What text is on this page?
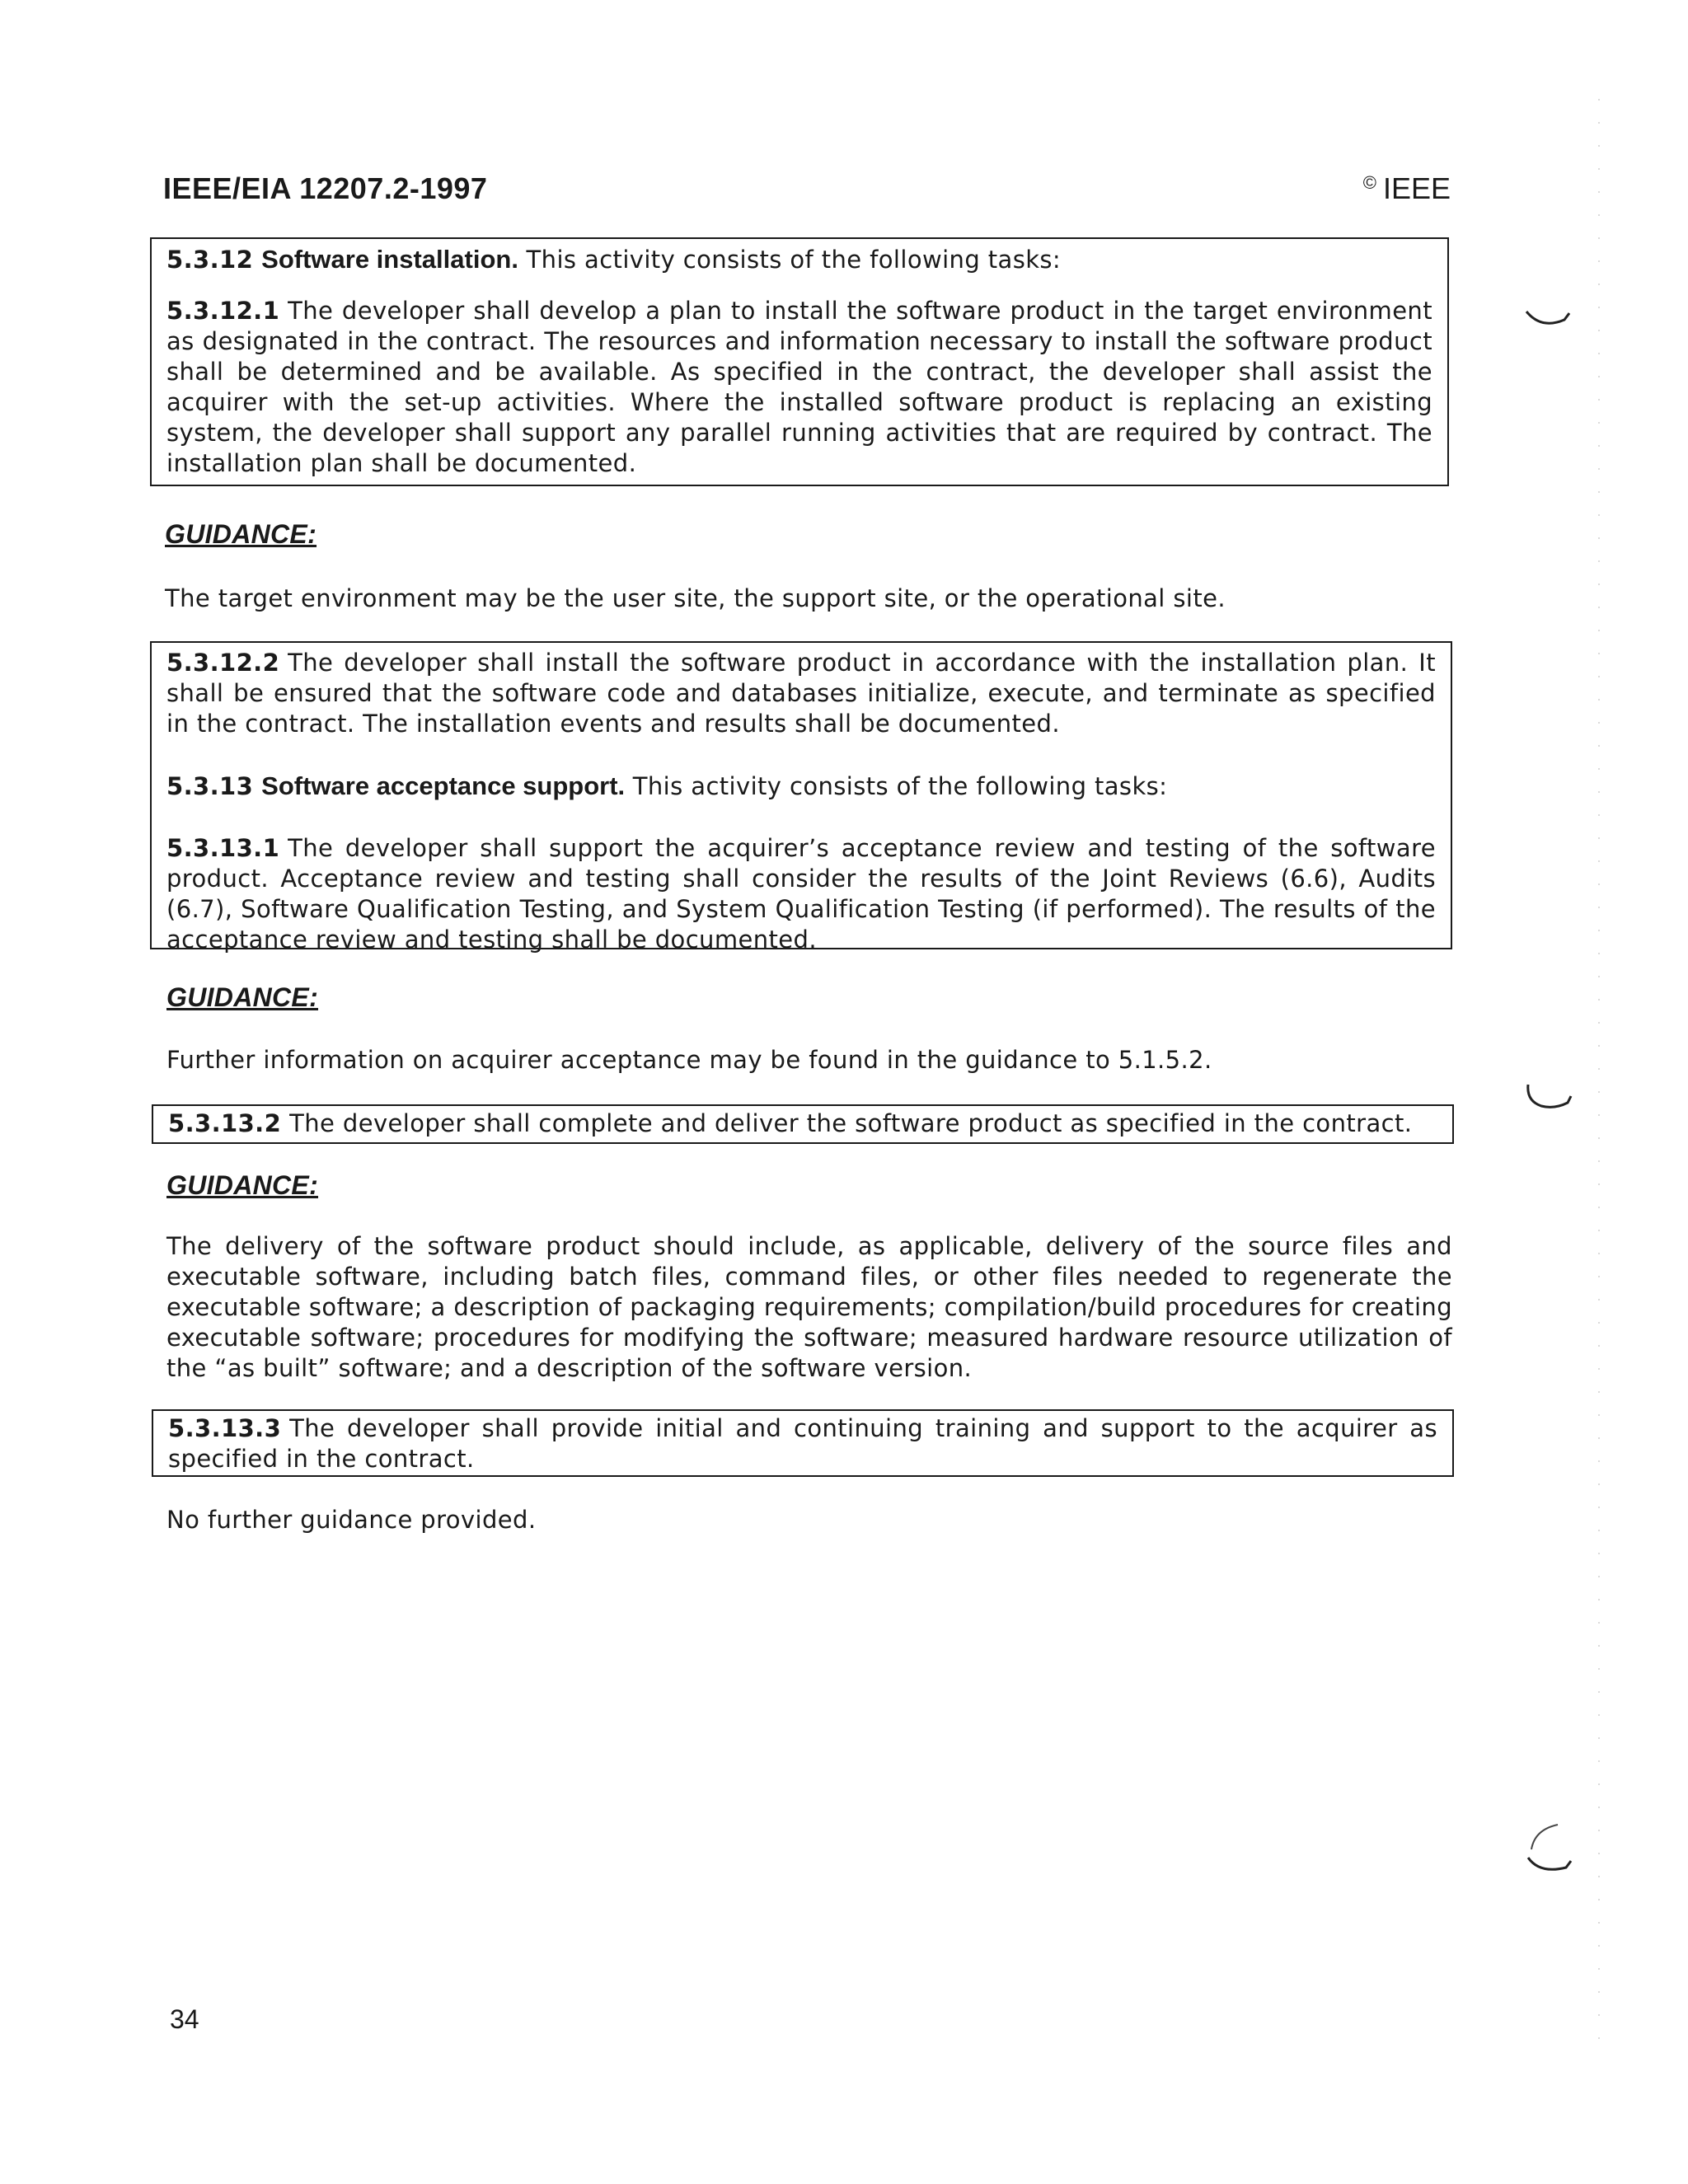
IEEE/EIA 12207.2-1997	© IEEE

5.3.12 Software installation. This activity consists of the following tasks:

5.3.12.1 The developer shall develop a plan to install the software product in the target environment as designated in the contract. The resources and information necessary to install the software product shall be determined and be available. As specified in the contract, the developer shall assist the acquirer with the set-up activities. Where the installed software product is replacing an existing system, the developer shall support any parallel running activities that are required by contract. The installation plan shall be documented.

GUIDANCE:

The target environment may be the user site, the support site, or the operational site.

5.3.12.2 The developer shall install the software product in accordance with the installation plan. It shall be ensured that the software code and databases initialize, execute, and terminate as specified in the contract. The installation events and results shall be documented.

5.3.13 Software acceptance support. This activity consists of the following tasks:

5.3.13.1 The developer shall support the acquirer’s acceptance review and testing of the software product. Acceptance review and testing shall consider the results of the Joint Reviews (6.6), Audits (6.7), Software Qualification Testing, and System Qualification Testing (if performed). The results of the acceptance review and testing shall be documented.

GUIDANCE:

Further information on acquirer acceptance may be found in the guidance to 5.1.5.2.

5.3.13.2 The developer shall complete and deliver the software product as specified in the contract.

GUIDANCE:

The delivery of the software product should include, as applicable, delivery of the source files and executable software, including batch files, command files, or other files needed to regenerate the executable software; a description of packaging requirements; compilation/build procedures for creating executable software; procedures for modifying the software; measured hardware resource utilization of the “as built” software; and a description of the software version.

5.3.13.3 The developer shall provide initial and continuing training and support to the acquirer as specified in the contract.

No further guidance provided.

34
